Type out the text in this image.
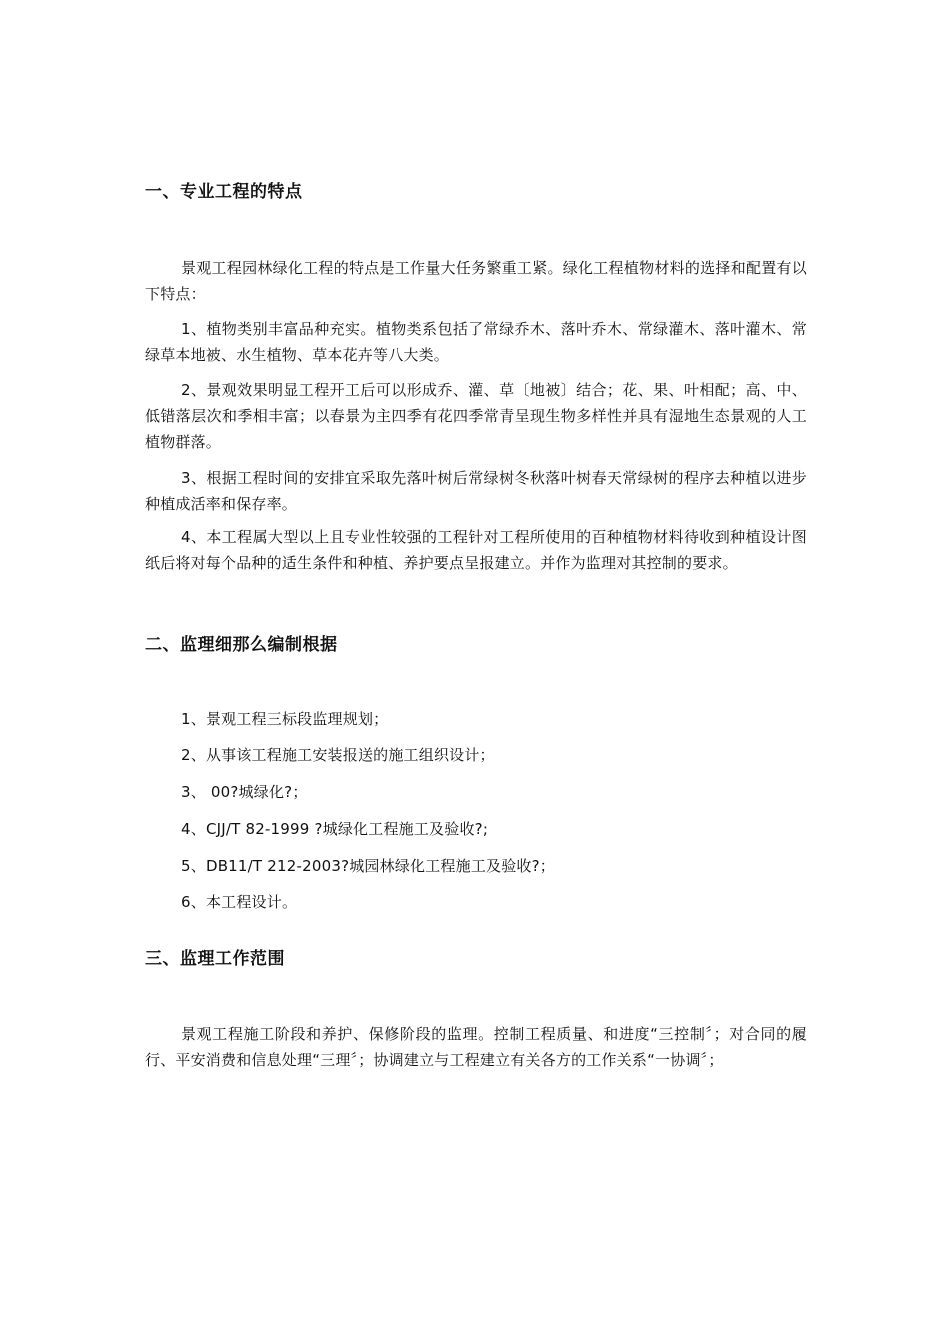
一、专业工程的特点
景观工程园林绿化工程的特点是工作量大任务繁重工紧。绿化工程植物材料的选择和配置有以下特点：
1、植物类别丰富品种充实。植物类系包括了常绿乔木、落叶乔木、常绿灌木、落叶灌木、常绿草本地被、水生植物、草本花卉等八大类。
2、景观效果明显工程开工后可以形成乔、灌、草〔地被〕结合；花、果、叶相配；高、中、低错落层次和季相丰富；以春景为主四季有花四季常青呈现生物多样性并具有湿地生态景观的人工植物群落。
3、根据工程时间的安排宜采取先落叶树后常绿树冬秋落叶树春天常绿树的程序去种植以进步种植成活率和保存率。
4、本工程属大型以上且专业性较强的工程针对工程所使用的百种植物材料待收到种植设计图纸后将对每个品种的适生条件和种植、养护要点呈报建立。并作为监理对其控制的要求。
二、监理细那么编制根据
1、景观工程三标段监理规划；
2、从事该工程施工安装报送的施工组织设计；
3、 00?城绿化?；
4、CJJ/T 82-1999 ?城绿化工程施工及验收?;
5、DB11/T 212-2003?城园林绿化工程施工及验收?；
6、本工程设计。
三、监理工作范围
景观工程施工阶段和养护、保修阶段的监理。控制工程质量、和进度“三控制〞；对合同的履行、平安消费和信息处理“三理〞；协调建立与工程建立有关各方的工作关系“一协调〞；
